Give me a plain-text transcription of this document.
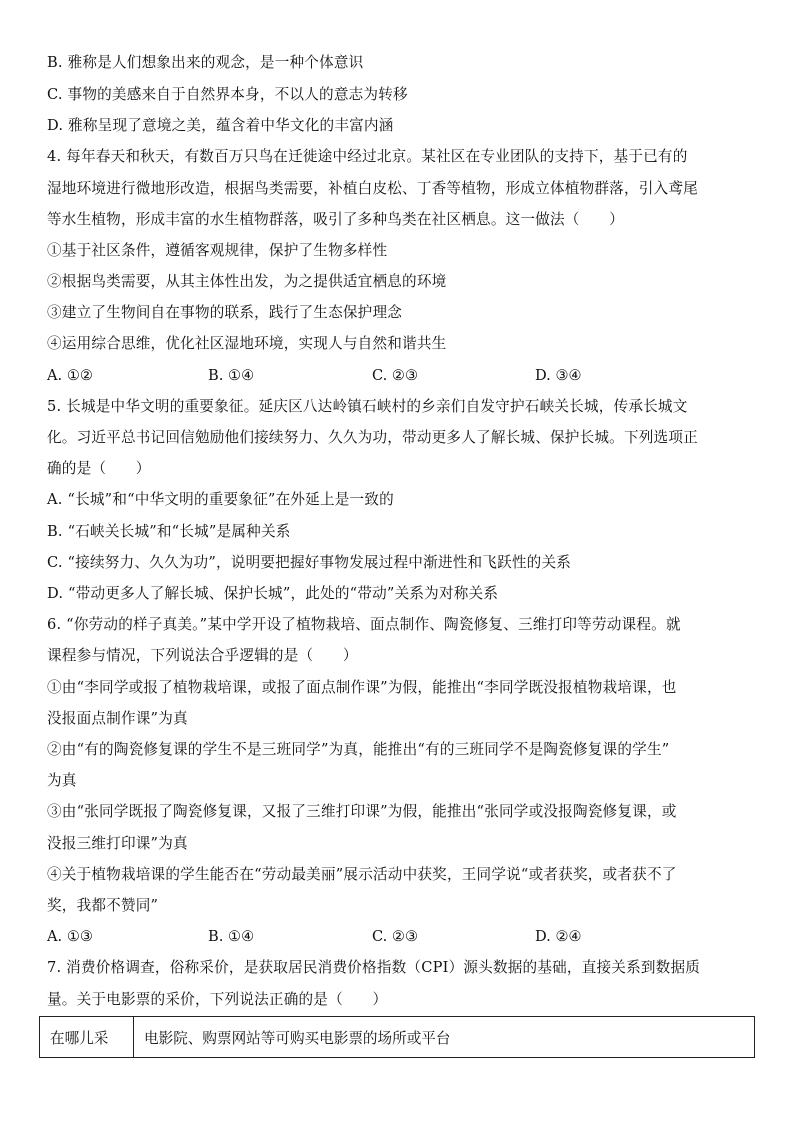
B. 雅称是人们想象出来的观念，是一种个体意识
C. 事物的美感来自于自然界本身，不以人的意志为转移
D. 雅称呈现了意境之美，蕴含着中华文化的丰富内涵
4. 每年春天和秋天，有数百万只鸟在迁徙途中经过北京。某社区在专业团队的支持下，基于已有的
湿地环境进行微地形改造，根据鸟类需要，补植白皮松、丁香等植物，形成立体植物群落，引入鸢尾
等水生植物，形成丰富的水生植物群落，吸引了多种鸟类在社区栖息。这一做法（　　）
①基于社区条件，遵循客观规律，保护了生物多样性
②根据鸟类需要，从其主体性出发，为之提供适宜栖息的环境
③建立了生物间自在事物的联系，践行了生态保护理念
④运用综合思维，优化社区湿地环境，实现人与自然和谐共生
A. ①②	B. ①④	C. ②③	D. ③④
5. 长城是中华文明的重要象征。延庆区八达岭镇石峡村的乡亲们自发守护石峡关长城，传承长城文
化。习近平总书记回信勉励他们接续努力、久久为功，带动更多人了解长城、保护长城。下列选项正
确的是（　　）
A. “长城”和“中华文明的重要象征”在外延上是一致的
B. “石峡关长城”和“长城”是属种关系
C. “接续努力、久久为功”，说明要把握好事物发展过程中渐进性和飞跃性的关系
D. “带动更多人了解长城、保护长城”，此处的“带动”关系为对称关系
6. “你劳动的样子真美。”某中学开设了植物栽培、面点制作、陶瓷修复、三维打印等劳动课程。就
课程参与情况，下列说法合乎逻辑的是（　　）
①由“李同学或报了植物栽培课，或报了面点制作课”为假，能推出“李同学既没报植物栽培课，也
没报面点制作课”为真
②由“有的陶瓷修复课的学生不是三班同学”为真，能推出“有的三班同学不是陶瓷修复课的学生”
为真
③由“张同学既报了陶瓷修复课，又报了三维打印课”为假，能推出“张同学或没报陶瓷修复课，或
没报三维打印课”为真
④关于植物栽培课的学生能否在“劳动最美丽”展示活动中获奖，王同学说“或者获奖，或者获不了
奖，我都不赞同”
A. ①③	B. ①④	C. ②③	D. ②④
7. 消费价格调查，俗称采价，是获取居民消费价格指数（CPI）源头数据的基础，直接关系到数据质
量。关于电影票的采价，下列说法正确的是（　　）
在哪儿采	电影院、购票网站等可购买电影票的场所或平台
